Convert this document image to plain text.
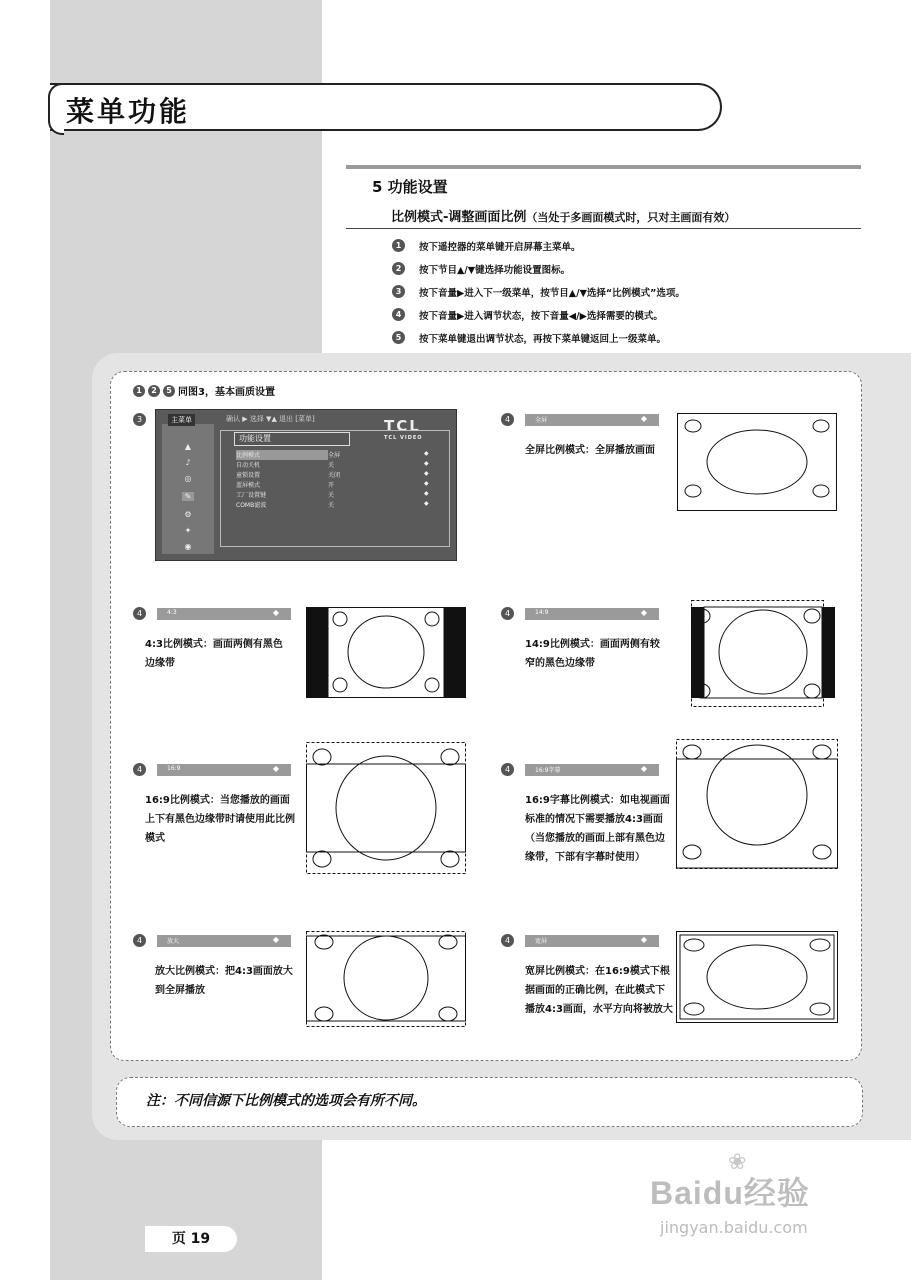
菜单功能
5 功能设置
比例模式-调整画面比例（当处于多画面模式时，只对主画面有效）
1	按下遥控器的菜单键开启屏幕主菜单。
2	按下节目▲/▼键选择功能设置图标。
3	按下音量▶进入下一级菜单，按节目▲/▼选择“比例模式”选项。
4	按下音量▶进入调节状态，按下音量◀/▶选择需要的模式。
5	按下菜单键退出调节状态，再按下菜单键返回上一级菜单。
1	2	5 同图3，基本画质设置
3	主菜单
▲
♪
◎
✎
⚙
✦
◉
确认 ▶ 选择 ▼▲ 退出 [菜单]	TCL
TCL VIDEO
功能设置
比例模式	全屏	◆
自动关机	关	◆
童锁设置	关闭	◆
蓝屏模式	开	◆
工厂设置键	关	◆
COMB滤波	关	◆
4	全屏	◆
全屏比例模式：全屏播放画面
4	4:3	◆
4:3比例模式：画面两侧有黑色边缘带
4	14:9	◆
14:9比例模式：画面两侧有较窄的黑色边缘带
4	16:9	◆
16:9比例模式：当您播放的画面上下有黑色边缘带时请使用此比例模式
4	16:9字幕	◆
16:9字幕比例模式：如电视画面标准的情况下需要播放4:3画面（当您播放的画面上部有黑色边缘带，下部有字幕时使用）
4	放大	◆
放大比例模式：把4:3画面放大到全屏播放
4	宽屏	◆
宽屏比例模式：在16:9模式下根据画面的正确比例，在此模式下播放4:3画面，水平方向将被放大
注：不同信源下比例模式的选项会有所不同。
页 19
❀
Baidu经验
jingyan.baidu.com
